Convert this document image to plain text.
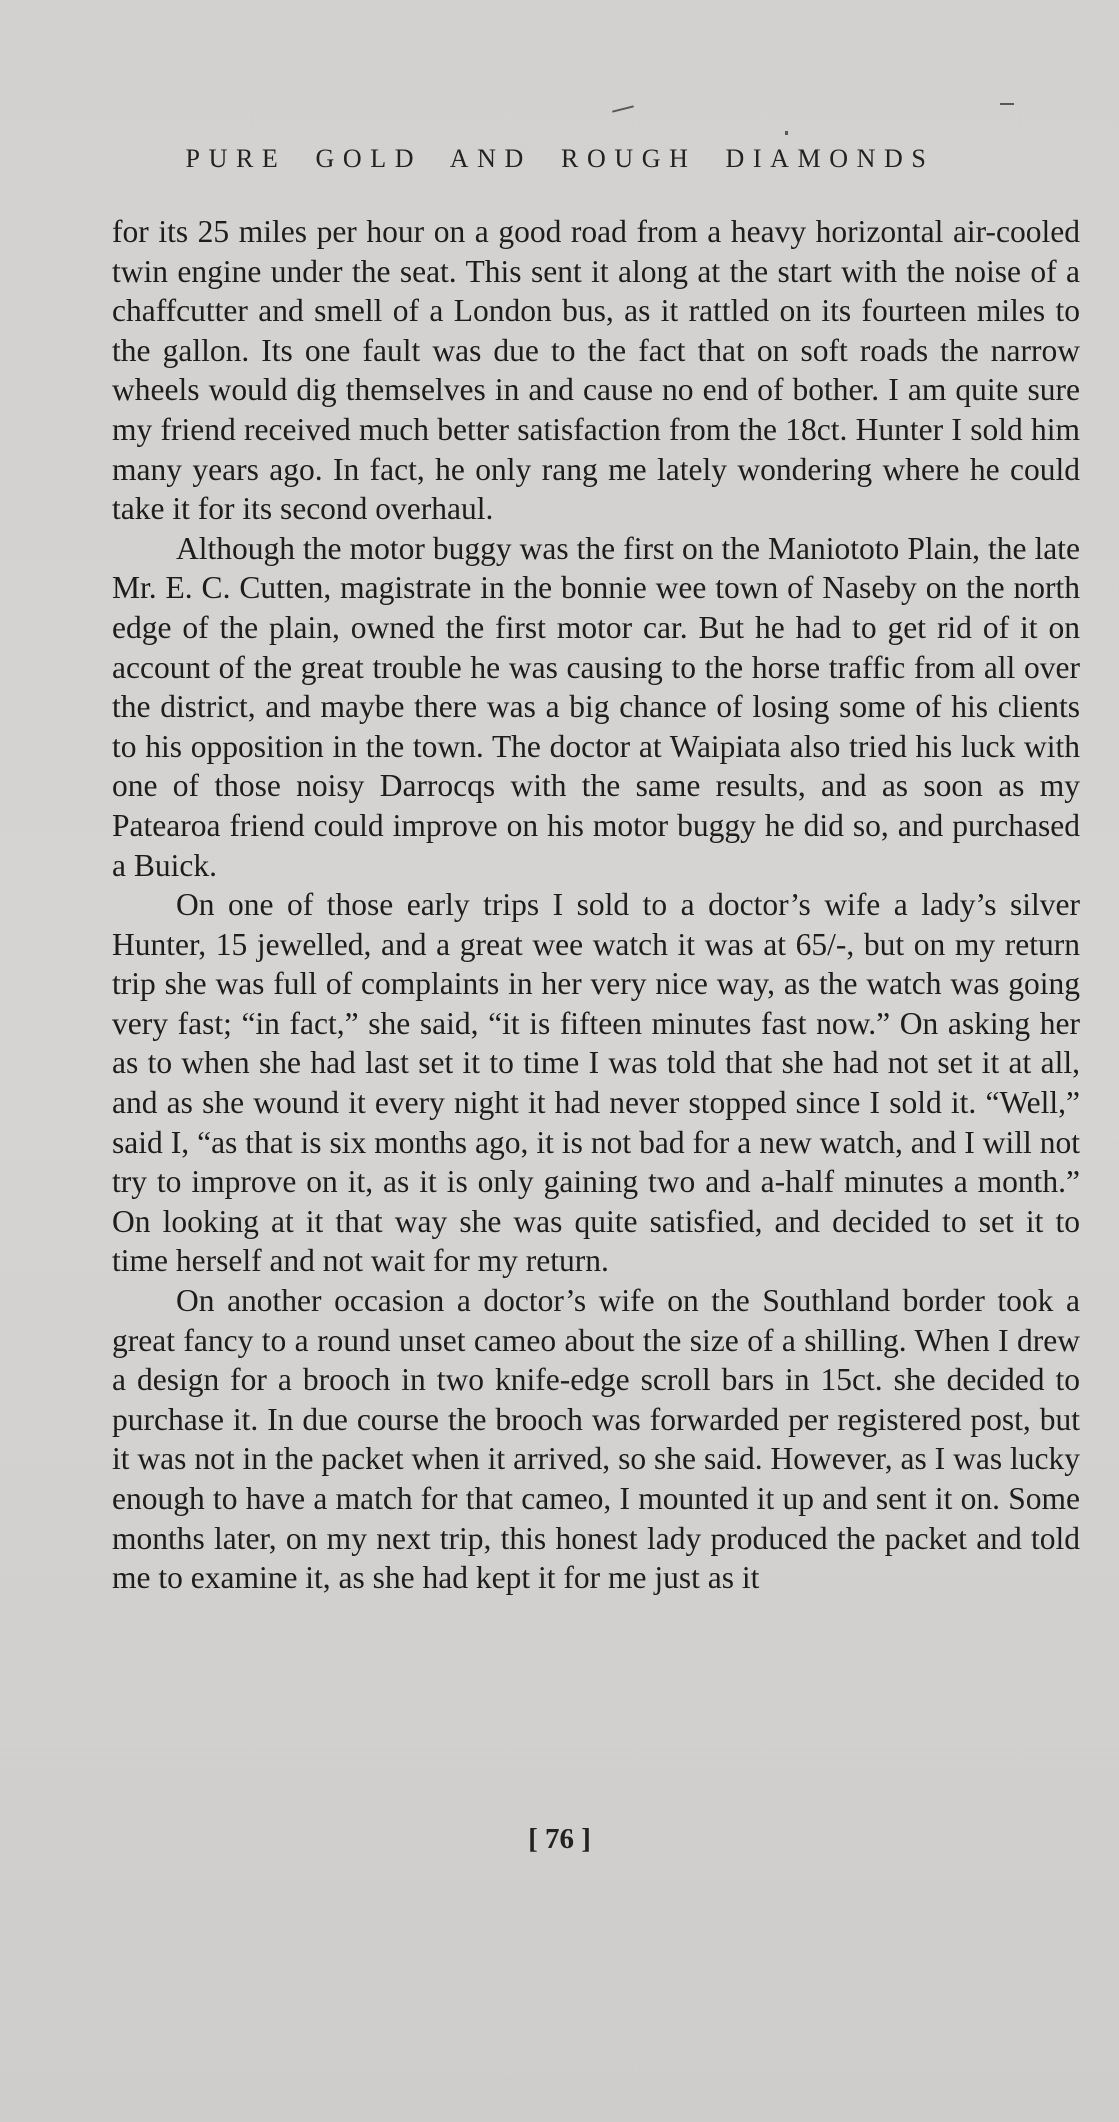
PURE GOLD AND ROUGH DIAMONDS

for its 25 miles per hour on a good road from a heavy horizontal air-cooled twin engine under the seat. This sent it along at the start with the noise of a chaffcutter and smell of a London bus, as it rattled on its fourteen miles to the gallon. Its one fault was due to the fact that on soft roads the narrow wheels would dig themselves in and cause no end of bother. I am quite sure my friend received much better satisfaction from the 18ct. Hunter I sold him many years ago. In fact, he only rang me lately wondering where he could take it for its second overhaul.

Although the motor buggy was the first on the Maniototo Plain, the late Mr. E. C. Cutten, magistrate in the bonnie wee town of Naseby on the north edge of the plain, owned the first motor car. But he had to get rid of it on account of the great trouble he was causing to the horse traffic from all over the district, and maybe there was a big chance of losing some of his clients to his opposition in the town. The doctor at Waipiata also tried his luck with one of those noisy Darrocqs with the same results, and as soon as my Patearoa friend could improve on his motor buggy he did so, and purchased a Buick.

On one of those early trips I sold to a doctor’s wife a lady’s silver Hunter, 15 jewelled, and a great wee watch it was at 65/-, but on my return trip she was full of complaints in her very nice way, as the watch was going very fast; “in fact,” she said, “it is fifteen minutes fast now.” On asking her as to when she had last set it to time I was told that she had not set it at all, and as she wound it every night it had never stopped since I sold it. “Well,” said I, “as that is six months ago, it is not bad for a new watch, and I will not try to improve on it, as it is only gaining two and a-half minutes a month.” On looking at it that way she was quite satisfied, and decided to set it to time herself and not wait for my return.

On another occasion a doctor’s wife on the Southland border took a great fancy to a round unset cameo about the size of a shilling. When I drew a design for a brooch in two knife-edge scroll bars in 15ct. she decided to purchase it. In due course the brooch was forwarded per registered post, but it was not in the packet when it arrived, so she said. However, as I was lucky enough to have a match for that cameo, I mounted it up and sent it on. Some months later, on my next trip, this honest lady produced the packet and told me to examine it, as she had kept it for me just as it

[ 76 ]
